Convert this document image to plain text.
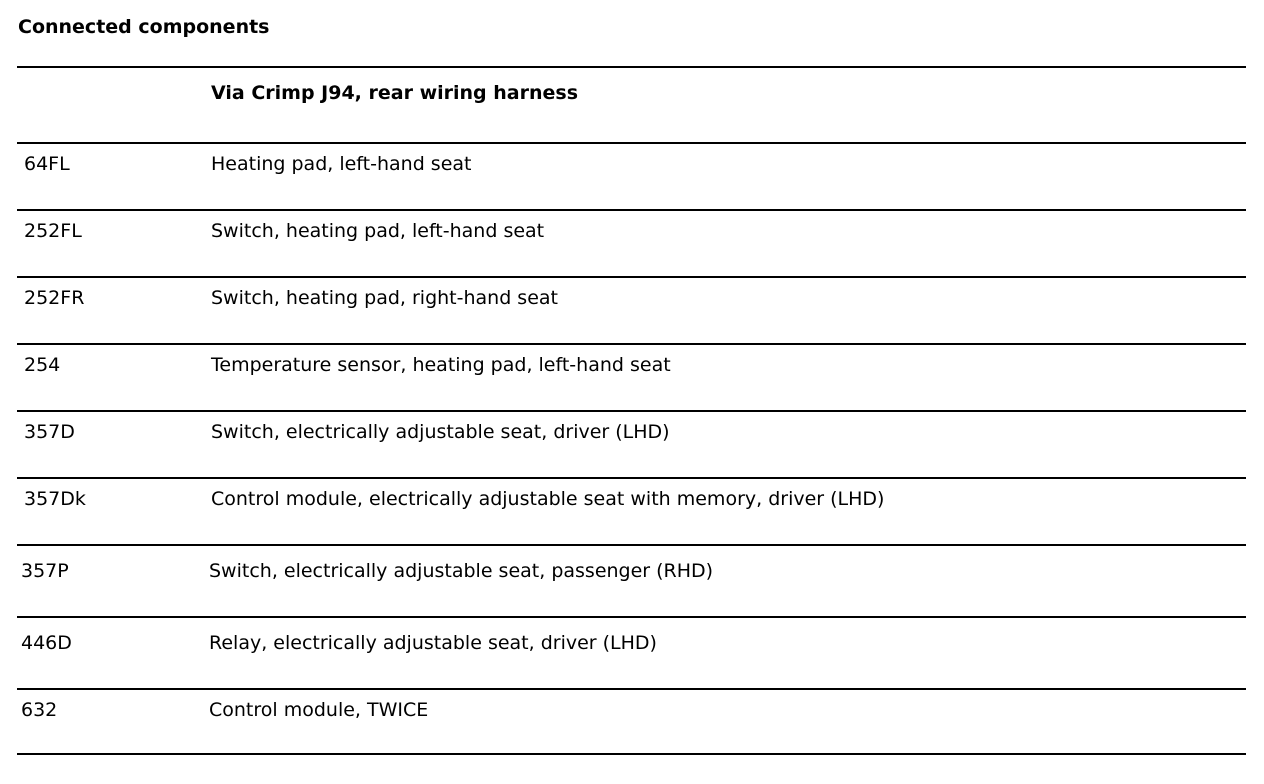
Connected components
Via Crimp J94, rear wiring harness
64FL	Heating pad, left-hand seat
252FL	Switch, heating pad, left-hand seat
252FR	Switch, heating pad, right-hand seat
254	Temperature sensor, heating pad, left-hand seat
357D	Switch, electrically adjustable seat, driver (LHD)
357Dk	Control module, electrically adjustable seat with memory, driver (LHD)
357P	Switch, electrically adjustable seat, passenger (RHD)
446D	Relay, electrically adjustable seat, driver (LHD)
632	Control module, TWICE
